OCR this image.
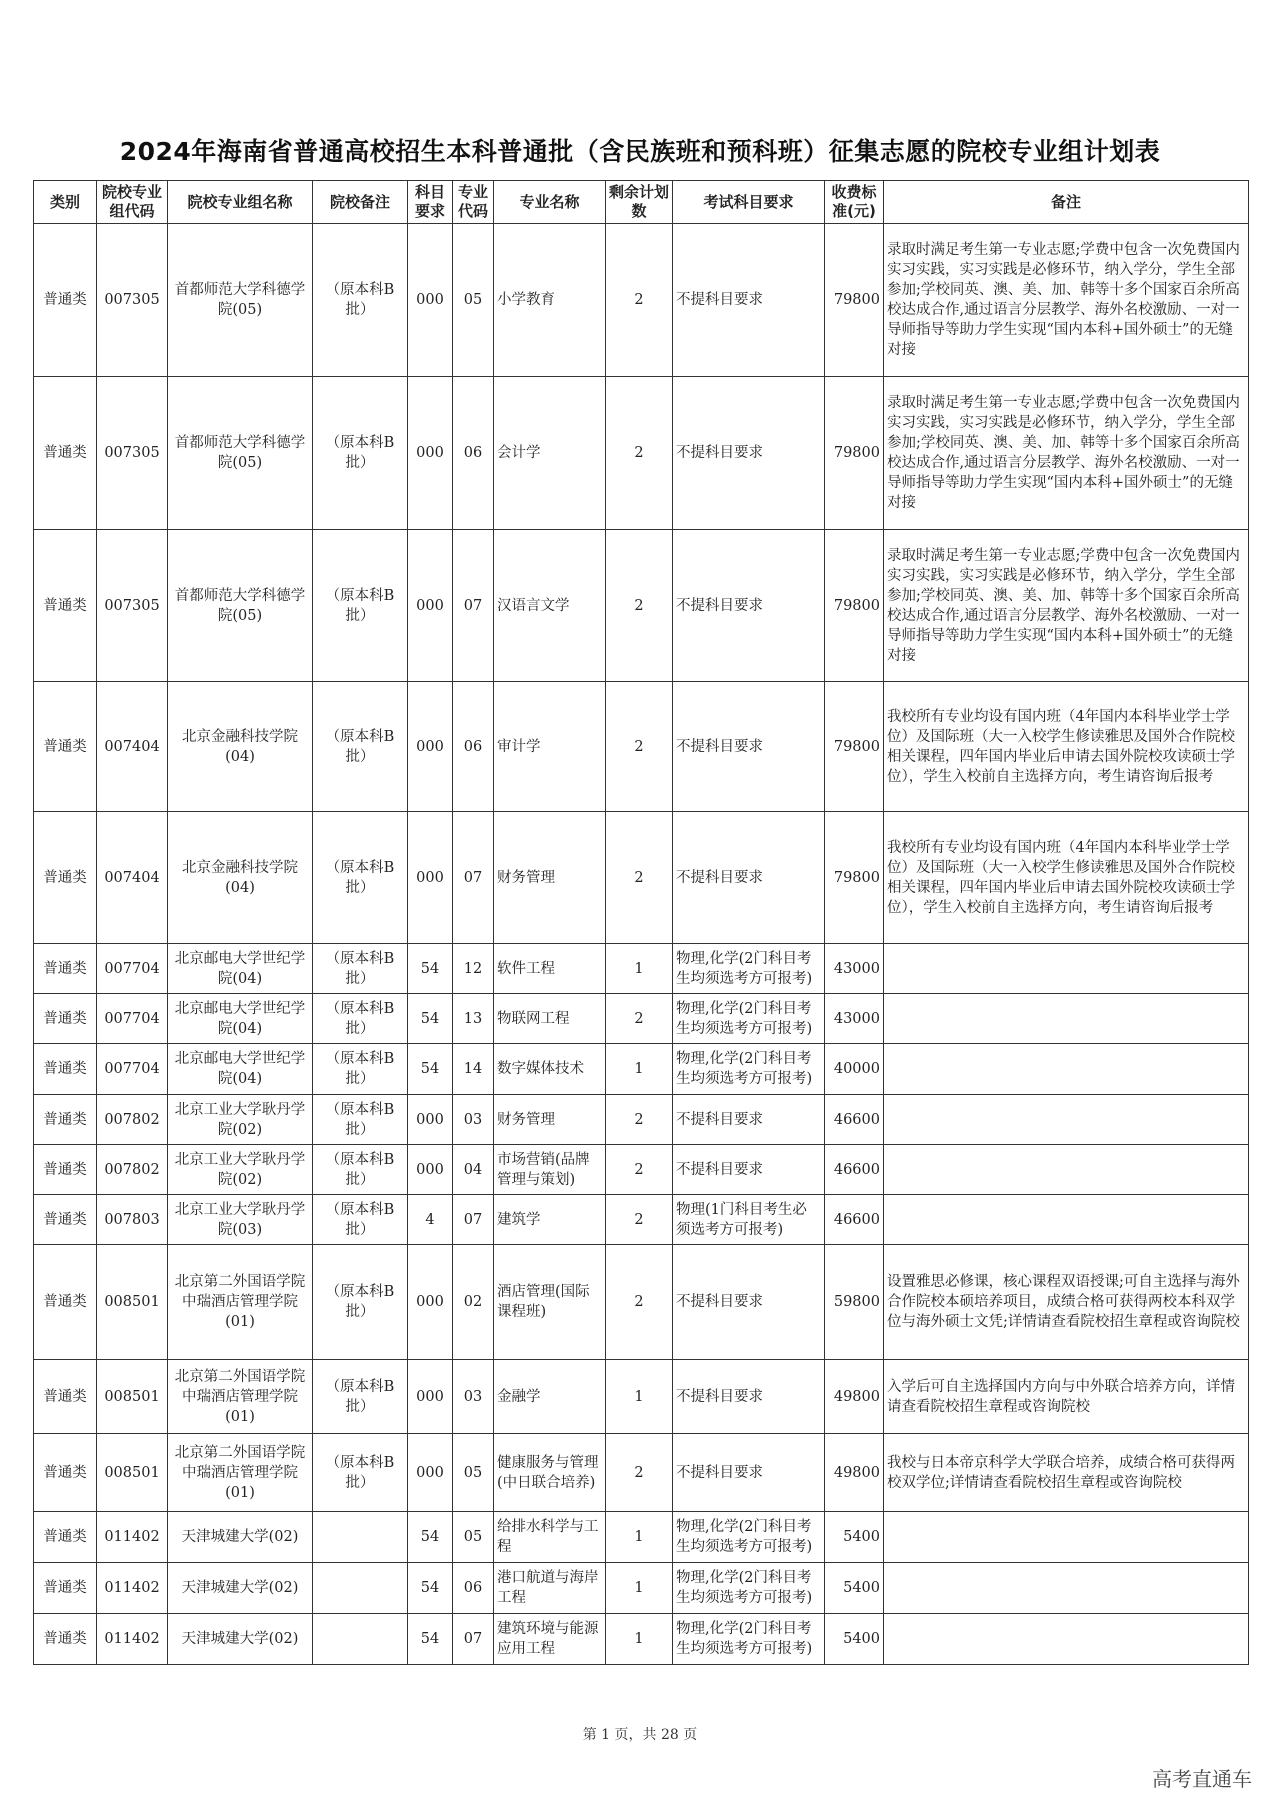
2024年海南省普通高校招生本科普通批（含民族班和预科班）征集志愿的院校专业组计划表
类别	院校专业组代码	院校专业组名称	院校备注	科目要求	专业代码	专业名称	剩余计划数	考试科目要求	收费标准(元)	备注
普通类	007305	首都师范大学科德学院(05)	（原本科B批）	000	05	小学教育	2	不提科目要求	79800	录取时满足考生第一专业志愿;学费中包含一次免费国内实习实践，实习实践是必修环节，纳入学分，学生全部参加;学校同英、澳、美、加、韩等十多个国家百余所高校达成合作,通过语言分层教学、海外名校激励、一对一导师指导等助力学生实现“国内本科+国外硕士”的无缝对接
普通类	007305	首都师范大学科德学院(05)	（原本科B批）	000	06	会计学	2	不提科目要求	79800	录取时满足考生第一专业志愿;学费中包含一次免费国内实习实践，实习实践是必修环节，纳入学分，学生全部参加;学校同英、澳、美、加、韩等十多个国家百余所高校达成合作,通过语言分层教学、海外名校激励、一对一导师指导等助力学生实现“国内本科+国外硕士”的无缝对接
普通类	007305	首都师范大学科德学院(05)	（原本科B批）	000	07	汉语言文学	2	不提科目要求	79800	录取时满足考生第一专业志愿;学费中包含一次免费国内实习实践，实习实践是必修环节，纳入学分，学生全部参加;学校同英、澳、美、加、韩等十多个国家百余所高校达成合作,通过语言分层教学、海外名校激励、一对一导师指导等助力学生实现“国内本科+国外硕士”的无缝对接
普通类	007404	北京金融科技学院(04)	（原本科B批）	000	06	审计学	2	不提科目要求	79800	我校所有专业均设有国内班（4年国内本科毕业学士学位）及国际班（大一入校学生修读雅思及国外合作院校相关课程，四年国内毕业后申请去国外院校攻读硕士学位），学生入校前自主选择方向，考生请咨询后报考
普通类	007404	北京金融科技学院(04)	（原本科B批）	000	07	财务管理	2	不提科目要求	79800	我校所有专业均设有国内班（4年国内本科毕业学士学位）及国际班（大一入校学生修读雅思及国外合作院校相关课程，四年国内毕业后申请去国外院校攻读硕士学位），学生入校前自主选择方向，考生请咨询后报考
普通类	007704	北京邮电大学世纪学院(04)	（原本科B批）	54	12	软件工程	1	物理,化学(2门科目考生均须选考方可报考)	43000	
普通类	007704	北京邮电大学世纪学院(04)	（原本科B批）	54	13	物联网工程	2	物理,化学(2门科目考生均须选考方可报考)	43000	
普通类	007704	北京邮电大学世纪学院(04)	（原本科B批）	54	14	数字媒体技术	1	物理,化学(2门科目考生均须选考方可报考)	40000	
普通类	007802	北京工业大学耿丹学院(02)	（原本科B批）	000	03	财务管理	2	不提科目要求	46600	
普通类	007802	北京工业大学耿丹学院(02)	（原本科B批）	000	04	市场营销(品牌管理与策划)	2	不提科目要求	46600	
普通类	007803	北京工业大学耿丹学院(03)	（原本科B批）	4	07	建筑学	2	物理(1门科目考生必须选考方可报考)	46600	
普通类	008501	北京第二外国语学院中瑞酒店管理学院(01)	（原本科B批）	000	02	酒店管理(国际课程班)	2	不提科目要求	59800	设置雅思必修课，核心课程双语授课;可自主选择与海外合作院校本硕培养项目，成绩合格可获得两校本科双学位与海外硕士文凭;详情请查看院校招生章程或咨询院校
普通类	008501	北京第二外国语学院中瑞酒店管理学院(01)	（原本科B批）	000	03	金融学	1	不提科目要求	49800	入学后可自主选择国内方向与中外联合培养方向，详情请查看院校招生章程或咨询院校
普通类	008501	北京第二外国语学院中瑞酒店管理学院(01)	（原本科B批）	000	05	健康服务与管理(中日联合培养)	2	不提科目要求	49800	我校与日本帝京科学大学联合培养，成绩合格可获得两校双学位;详情请查看院校招生章程或咨询院校
普通类	011402	天津城建大学(02)		54	05	给排水科学与工程	1	物理,化学(2门科目考生均须选考方可报考)	5400	
普通类	011402	天津城建大学(02)		54	06	港口航道与海岸工程	1	物理,化学(2门科目考生均须选考方可报考)	5400	
普通类	011402	天津城建大学(02)		54	07	建筑环境与能源应用工程	1	物理,化学(2门科目考生均须选考方可报考)	5400	
第 1 页，共 28 页
高考直通车
